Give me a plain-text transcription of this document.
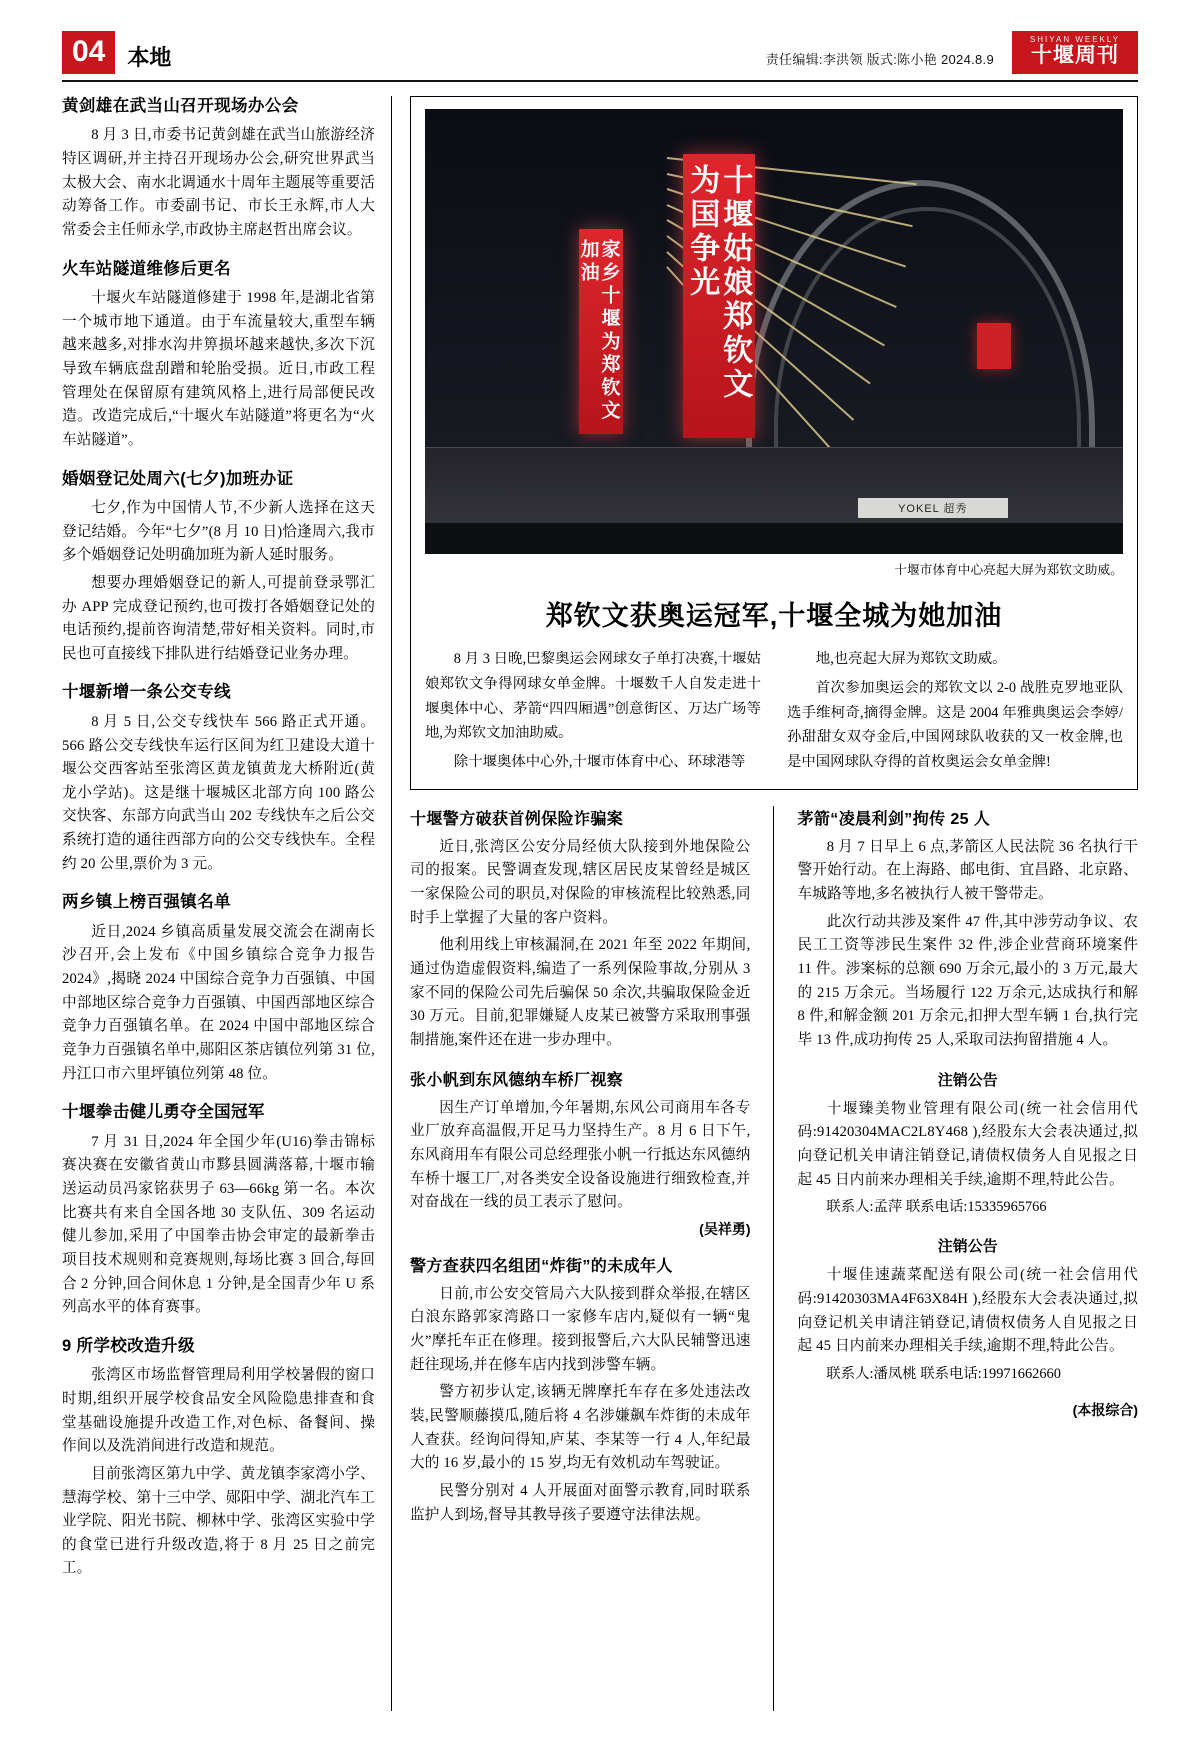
04	本地	责任编辑:李洪领 版式:陈小艳 2024.8.9
SHIYAN WEEKLY
十堰周刊
黄剑雄在武当山召开现场办公会

8 月 3 日,市委书记黄剑雄在武当山旅游经济特区调研,并主持召开现场办公会,研究世界武当太极大会、南水北调通水十周年主题展等重要活动筹备工作。市委副书记、市长王永辉,市人大常委会主任师永学,市政协主席赵哲出席会议。

火车站隧道维修后更名

十堰火车站隧道修建于 1998 年,是湖北省第一个城市地下通道。由于车流量较大,重型车辆越来越多,对排水沟井箅损坏越来越快,多次下沉导致车辆底盘刮蹭和轮胎受损。近日,市政工程管理处在保留原有建筑风格上,进行局部便民改造。改造完成后,“十堰火车站隧道”将更名为“火车站隧道”。

婚姻登记处周六(七夕)加班办证

七夕,作为中国情人节,不少新人选择在这天登记结婚。今年“七夕”(8 月 10 日)恰逢周六,我市多个婚姻登记处明确加班为新人延时服务。

想要办理婚姻登记的新人,可提前登录鄂汇办 APP 完成登记预约,也可拨打各婚姻登记处的电话预约,提前咨询清楚,带好相关资料。同时,市民也可直接线下排队进行结婚登记业务办理。

十堰新增一条公交专线

8 月 5 日,公交专线快车 566 路正式开通。566 路公交专线快车运行区间为红卫建设大道十堰公交西客站至张湾区黄龙镇黄龙大桥附近(黄龙小学站)。这是继十堰城区北部方向 100 路公交快客、东部方向武当山 202 专线快车之后公交系统打造的通往西部方向的公交专线快车。全程约 20 公里,票价为 3 元。

两乡镇上榜百强镇名单

近日,2024 乡镇高质量发展交流会在湖南长沙召开,会上发布《中国乡镇综合竞争力报告 2024》,揭晓 2024 中国综合竞争力百强镇、中国中部地区综合竞争力百强镇、中国西部地区综合竞争力百强镇名单。在 2024 中国中部地区综合竞争力百强镇名单中,郧阳区茶店镇位列第 31 位,丹江口市六里坪镇位列第 48 位。

十堰拳击健儿勇夺全国冠军

7 月 31 日,2024 年全国少年(U16)拳击锦标赛决赛在安徽省黄山市黟县圆满落幕,十堰市输送运动员冯家铭获男子 63—66kg 第一名。本次比赛共有来自全国各地 30 支队伍、309 名运动健儿参加,采用了中国拳击协会审定的最新拳击项目技术规则和竞赛规则,每场比赛 3 回合,每回合 2 分钟,回合间休息 1 分钟,是全国青少年 U 系列高水平的体育赛事。

9 所学校改造升级

张湾区市场监督管理局利用学校暑假的窗口时期,组织开展学校食品安全风险隐患排查和食堂基础设施提升改造工作,对色标、备餐间、操作间以及洗消间进行改造和规范。

目前张湾区第九中学、黄龙镇李家湾小学、慧海学校、第十三中学、郧阳中学、湖北汽车工业学院、阳光书院、柳林中学、张湾区实验中学的食堂已进行升级改造,将于 8 月 25 日之前完工。

十堰姑娘郑钦文为国争光
家乡十堰为郑钦文加油
YOKEL 超秀
十堰市体育中心亮起大屏为郑钦文助威。
郑钦文获奥运冠军,十堰全城为她加油

8 月 3 日晚,巴黎奥运会网球女子单打决赛,十堰姑娘郑钦文争得网球女单金牌。十堰数千人自发走进十堰奥体中心、茅箭“四四厢遇”创意街区、万达广场等地,为郑钦文加油助威。

除十堰奥体中心外,十堰市体育中心、环球港等

地,也亮起大屏为郑钦文助威。

首次参加奥运会的郑钦文以 2-0 战胜克罗地亚队选手维柯奇,摘得金牌。这是 2004 年雅典奥运会李婷/孙甜甜女双夺金后,中国网球队收获的又一枚金牌,也是中国网球队夺得的首枚奥运会女单金牌!

十堰警方破获首例保险诈骗案

近日,张湾区公安分局经侦大队接到外地保险公司的报案。民警调查发现,辖区居民皮某曾经是城区一家保险公司的职员,对保险的审核流程比较熟悉,同时手上掌握了大量的客户资料。

他利用线上审核漏洞,在 2021 年至 2022 年期间,通过伪造虚假资料,编造了一系列保险事故,分别从 3 家不同的保险公司先后骗保 50 余次,共骗取保险金近 30 万元。目前,犯罪嫌疑人皮某已被警方采取刑事强制措施,案件还在进一步办理中。

张小帆到东风德纳车桥厂视察

因生产订单增加,今年暑期,东风公司商用车各专业厂放弃高温假,开足马力坚持生产。8 月 6 日下午,东风商用车有限公司总经理张小帆一行抵达东风德纳车桥十堰工厂,对各类安全设备设施进行细致检查,并对奋战在一线的员工表示了慰问。

(吴祥勇)
警方查获四名组团“炸街”的未成年人

日前,市公安交管局六大队接到群众举报,在辖区白浪东路郭家湾路口一家修车店内,疑似有一辆“鬼火”摩托车正在修理。接到报警后,六大队民辅警迅速赶往现场,并在修车店内找到涉警车辆。

警方初步认定,该辆无牌摩托车存在多处违法改装,民警顺藤摸瓜,随后将 4 名涉嫌飙车炸街的未成年人查获。经询问得知,庐某、李某等一行 4 人,年纪最大的 16 岁,最小的 15 岁,均无有效机动车驾驶证。

民警分别对 4 人开展面对面警示教育,同时联系监护人到场,督导其教导孩子要遵守法律法规。

茅箭“凌晨利剑”拘传 25 人

8 月 7 日早上 6 点,茅箭区人民法院 36 名执行干警开始行动。在上海路、邮电街、宜昌路、北京路、车城路等地,多名被执行人被干警带走。

此次行动共涉及案件 47 件,其中涉劳动争议、农民工工资等涉民生案件 32 件,涉企业营商环境案件 11 件。涉案标的总额 690 万余元,最小的 3 万元,最大的 215 万余元。当场履行 122 万余元,达成执行和解 8 件,和解金额 201 万余元,扣押大型车辆 1 台,执行完毕 13 件,成功拘传 25 人,采取司法拘留措施 4 人。

注销公告

十堰臻美物业管理有限公司(统一社会信用代码:91420304MAC2L8Y468 ),经股东大会表决通过,拟向登记机关申请注销登记,请债权债务人自见报之日起 45 日内前来办理相关手续,逾期不理,特此公告。

联系人:孟萍 联系电话:15335965766

注销公告

十堰佳速蔬菜配送有限公司(统一社会信用代码:91420303MA4F63X84H ),经股东大会表决通过,拟向登记机关申请注销登记,请债权债务人自见报之日起 45 日内前来办理相关手续,逾期不理,特此公告。

联系人:潘凤桃 联系电话:19971662660

(本报综合)
